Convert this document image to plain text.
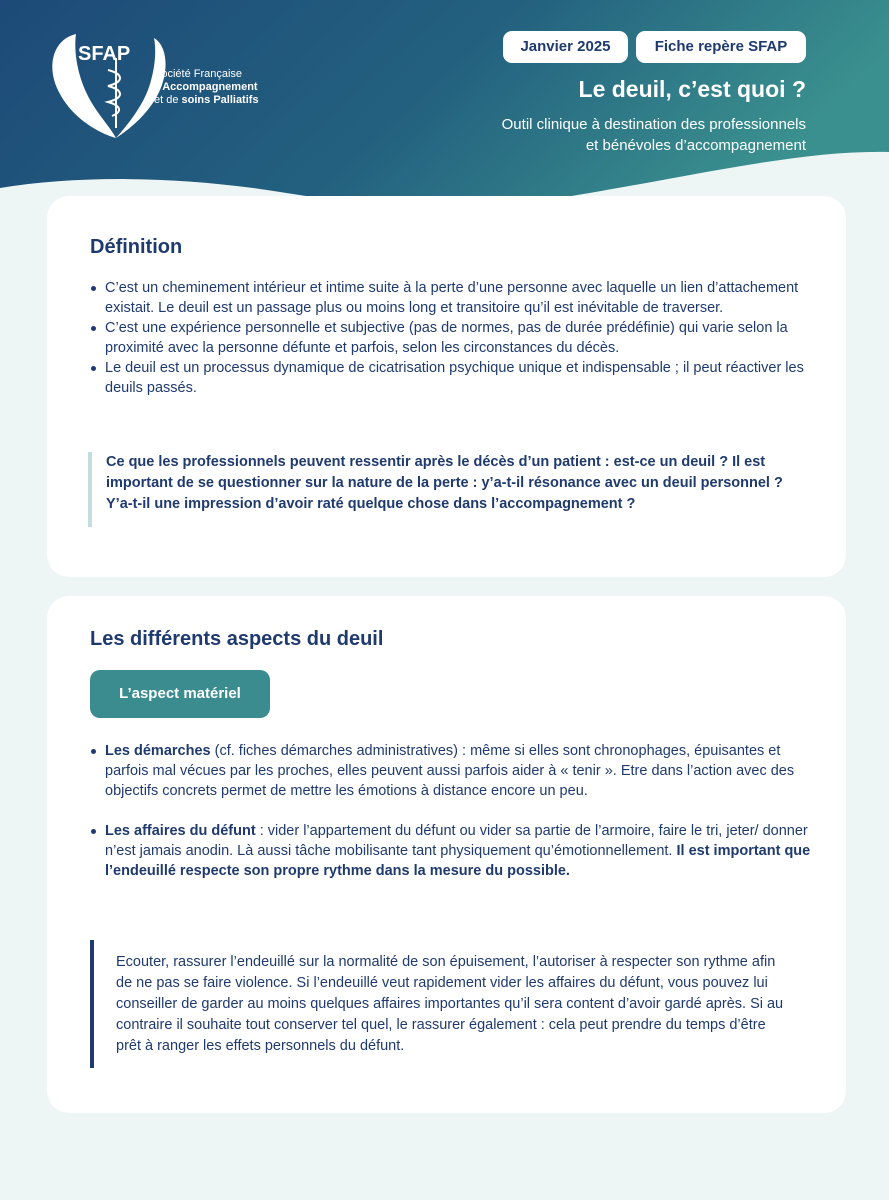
SFAP
Société Française
d'Accompagnement
et de soins Palliatifs
Janvier 2025	Fiche repère SFAP
Le deuil, c’est quoi ?
Outil clinique à destination des professionnels
et bénévoles d’accompagnement
Définition
C’est un cheminement intérieur et intime suite à la perte d’une personne avec laquelle un lien d’attachement existait. Le deuil est un passage plus ou moins long et transitoire qu’il est inévitable de traverser.
C’est une expérience personnelle et subjective (pas de normes, pas de durée prédéfinie) qui varie selon la proximité avec la personne défunte et parfois, selon les circonstances du décès.
Le deuil est un processus dynamique de cicatrisation psychique unique et indispensable ; il peut réactiver les deuils passés.
Ce que les professionnels peuvent ressentir après le décès d’un patient : est-ce un deuil ? Il est important de se questionner sur la nature de la perte : y’a-t-il résonance avec un deuil personnel ? Y’a-t-il une impression d’avoir raté quelque chose dans l’accompagnement ?
Les différents aspects du deuil
L’aspect matériel
Les démarches (cf. fiches démarches administratives) : même si elles sont chronophages, épuisantes et parfois mal vécues par les proches, elles peuvent aussi parfois aider à « tenir ». Etre dans l’action avec des objectifs concrets permet de mettre les émotions à distance encore un peu.
Les affaires du défunt : vider l’appartement du défunt ou vider sa partie de l’armoire, faire le tri, jeter/ donner n’est jamais anodin. Là aussi tâche mobilisante tant physiquement qu’émotionnellement. Il est important que l’endeuillé respecte son propre rythme dans la mesure du possible.
Ecouter, rassurer l’endeuillé sur la normalité de son épuisement, l’autoriser à respecter son rythme afin de ne pas se faire violence. Si l’endeuillé veut rapidement vider les affaires du défunt, vous pouvez lui conseiller de garder au moins quelques affaires importantes qu’il sera content d’avoir gardé après. Si au contraire il souhaite tout conserver tel quel, le rassurer également : cela peut prendre du temps d’être prêt à ranger les effets personnels du défunt.
